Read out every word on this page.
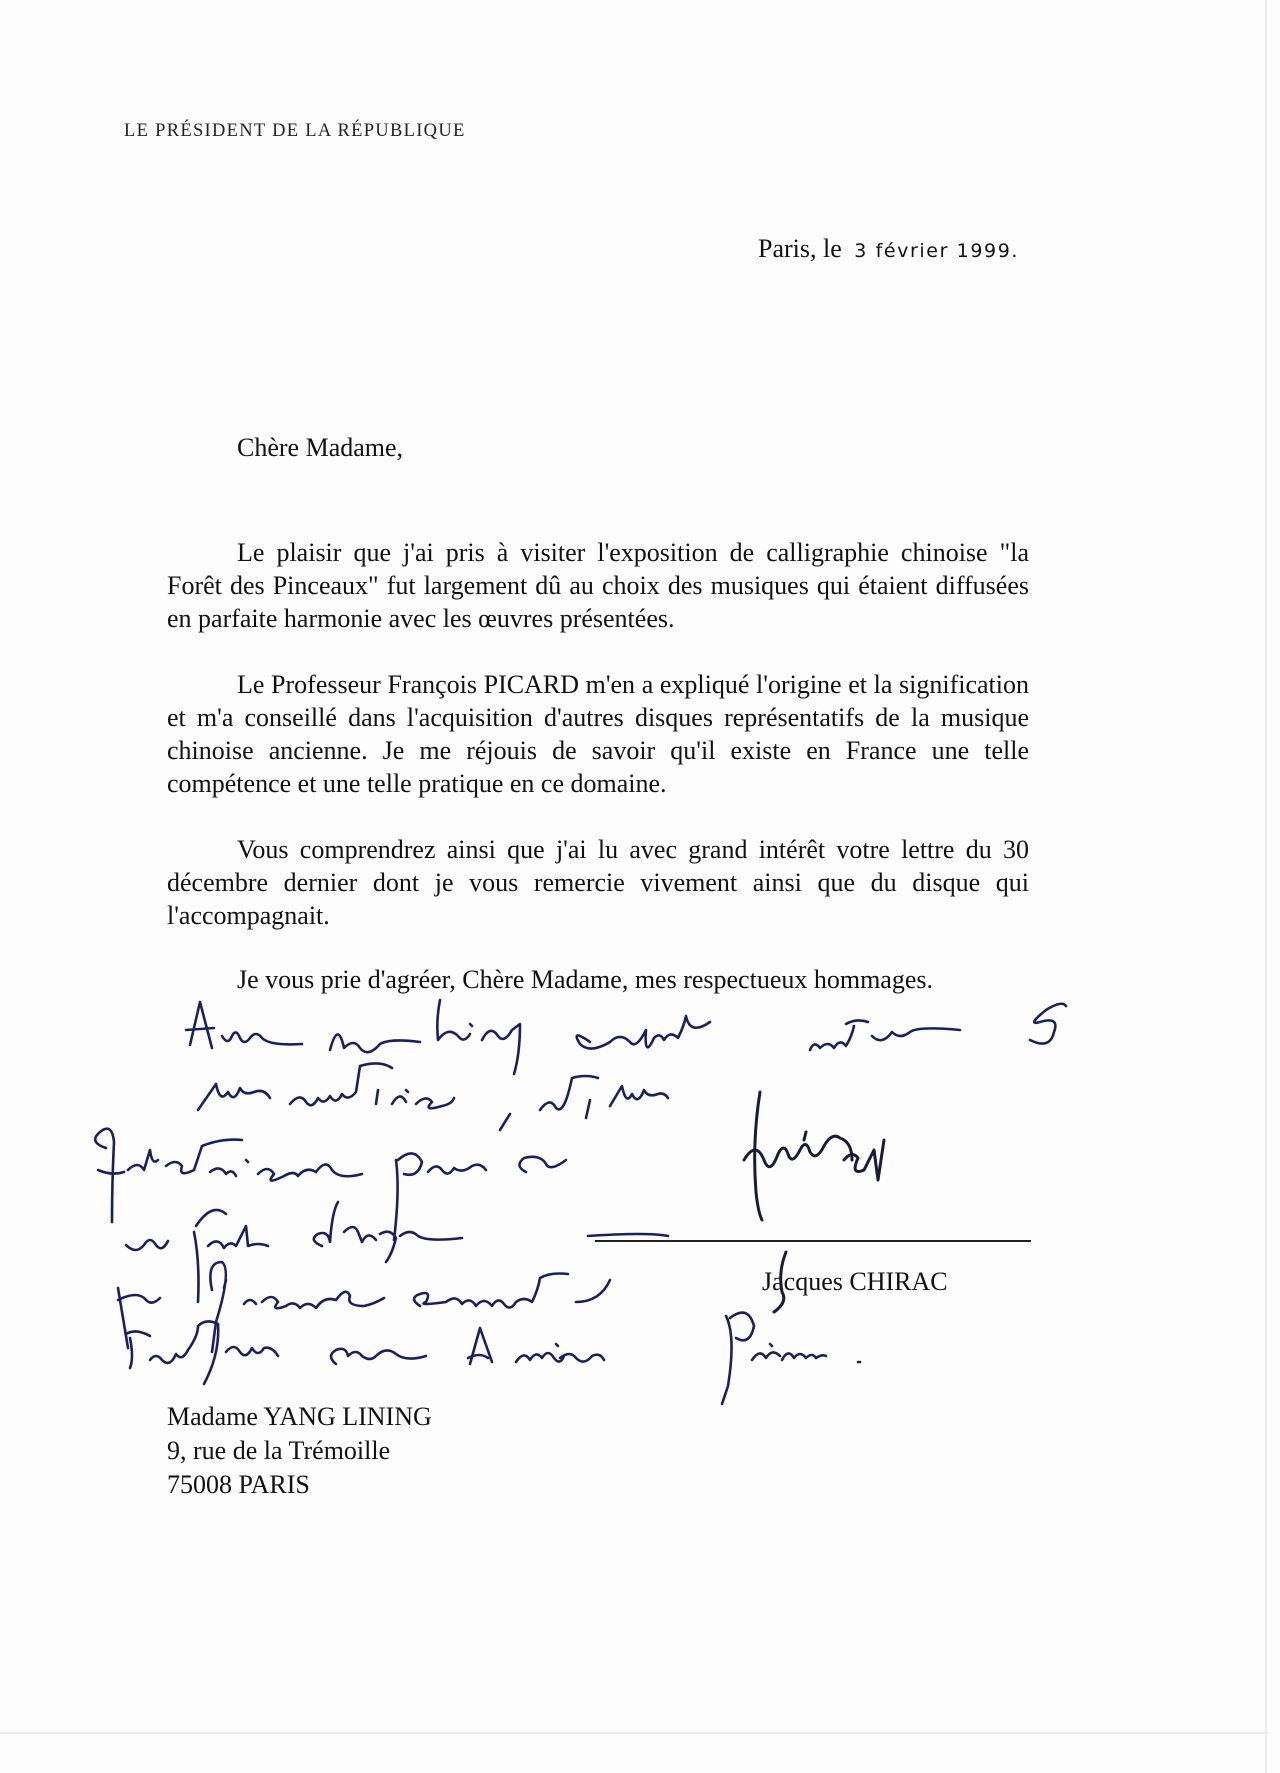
LE PRÉSIDENT DE LA RÉPUBLIQUE
Paris, le 3 février 1999.
Chère Madame,

Le plaisir que j'ai pris à visiter l'exposition de calligraphie chinoise "la Forêt des Pinceaux" fut largement dû au choix des musiques qui étaient diffusées en parfaite harmonie avec les œuvres présentées.

Le Professeur François PICARD m'en a expliqué l'origine et la signification et m'a conseillé dans l'acquisition d'autres disques représentatifs de la musique chinoise ancienne. Je me réjouis de savoir qu'il existe en France une telle compétence et une telle pratique en ce domaine.

Vous comprendrez ainsi que j'ai lu avec grand intérêt votre lettre du 30 décembre dernier dont je vous remercie vivement ainsi que du disque qui l'accompagnait.

Je vous prie d'agréer, Chère Madame, mes respectueux hommages.
Jacques CHIRAC
Madame YANG LINING
9, rue de la Trémoille
75008 PARIS
